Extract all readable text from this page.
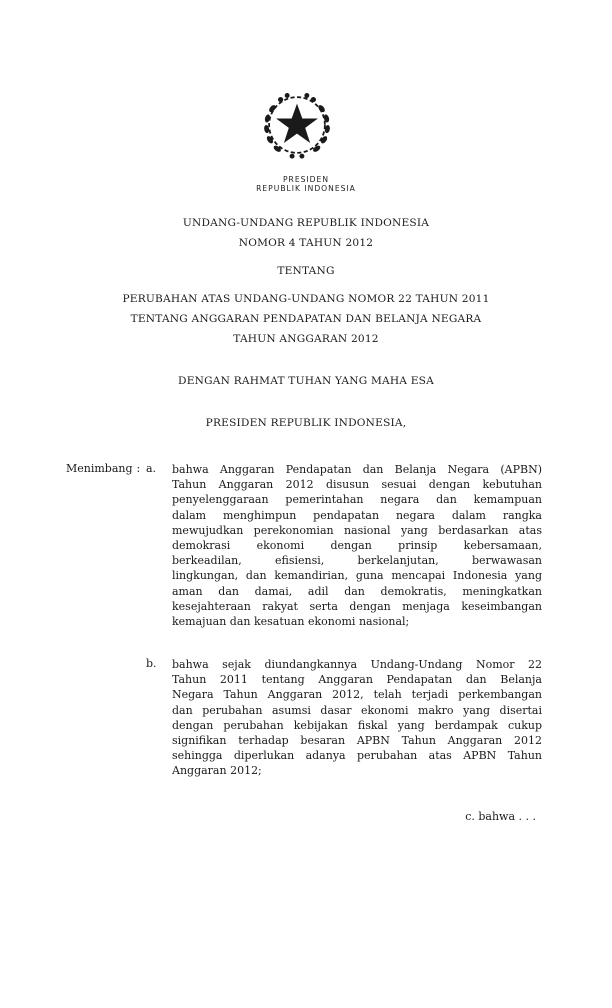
PRESIDEN
REPUBLIK INDONESIA
UNDANG-UNDANG REPUBLIK INDONESIA
NOMOR 4 TAHUN 2012
TENTANG
PERUBAHAN ATAS UNDANG-UNDANG NOMOR 22 TAHUN 2011
TENTANG ANGGARAN PENDAPATAN DAN BELANJA NEGARA
TAHUN ANGGARAN 2012
DENGAN RAHMAT TUHAN YANG MAHA ESA
PRESIDEN REPUBLIK INDONESIA,
Menimbang : a. bahwa Anggaran Pendapatan dan Belanja Negara (APBN)
Tahun Anggaran 2012 disusun sesuai dengan kebutuhan
penyelenggaraan pemerintahan negara dan kemampuan
dalam menghimpun pendapatan negara dalam rangka
mewujudkan perekonomian nasional yang berdasarkan atas
demokrasi ekonomi dengan prinsip kebersamaan,
berkeadilan, efisiensi, berkelanjutan, berwawasan
lingkungan, dan kemandirian, guna mencapai Indonesia yang
aman dan damai, adil dan demokratis, meningkatkan
kesejahteraan rakyat serta dengan menjaga keseimbangan
kemajuan dan kesatuan ekonomi nasional;
b. bahwa sejak diundangkannya Undang-Undang Nomor 22
Tahun 2011 tentang Anggaran Pendapatan dan Belanja
Negara Tahun Anggaran 2012, telah terjadi perkembangan
dan perubahan asumsi dasar ekonomi makro yang disertai
dengan perubahan kebijakan fiskal yang berdampak cukup
signifikan terhadap besaran APBN Tahun Anggaran 2012
sehingga diperlukan adanya perubahan atas APBN Tahun
Anggaran 2012;
c. bahwa . . .
